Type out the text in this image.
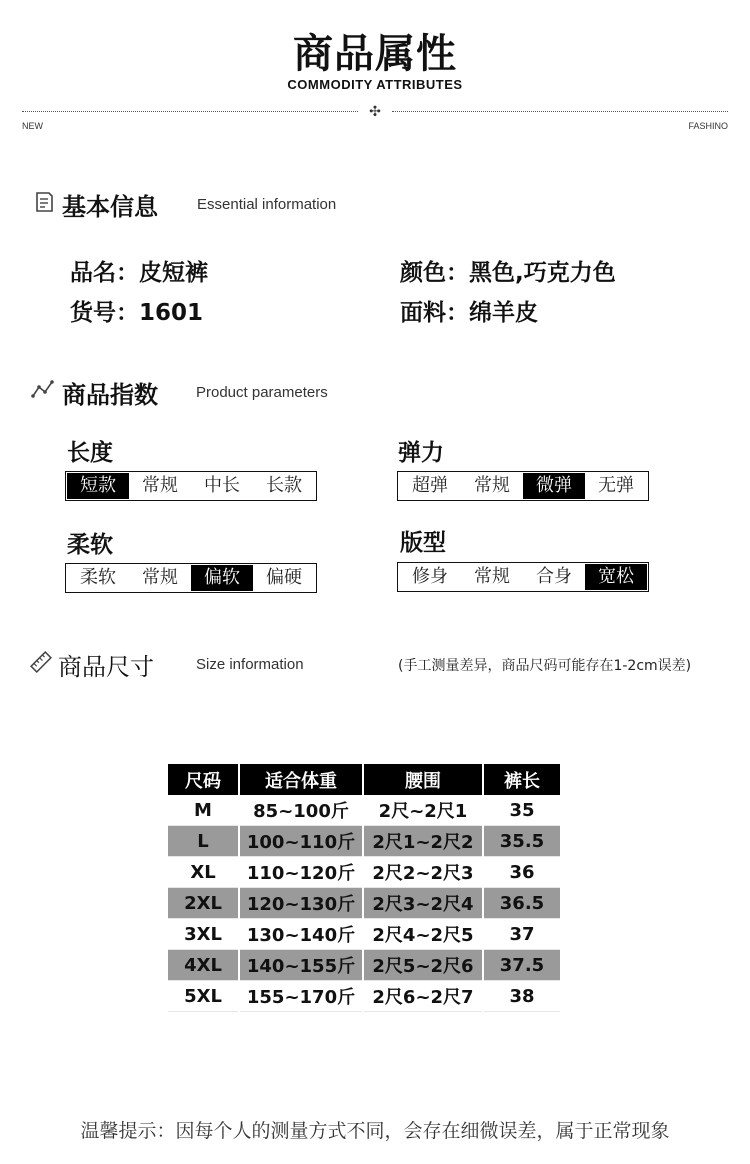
商品属性
COMMODITY ATTRIBUTES
✣
NEW	FASHINO
基本信息	Essential information
品名：皮短裤	颜色：黑色,巧克力色
货号：1601	面料：绵羊皮
商品指数	Product parameters
长度
短款	常规	中长	长款
弹力
超弹	常规	微弹	无弹
柔软
柔软	常规	偏软	偏硬
版型
修身	常规	合身	宽松
商品尺寸	Size information	(手工测量差异，商品尺码可能存在1-2cm误差)
尺码	适合体重	腰围	裤长
M	85~100斤	2尺~2尺1	35
L	100~110斤	2尺1~2尺2	35.5
XL	110~120斤	2尺2~2尺3	36
2XL	120~130斤	2尺3~2尺4	36.5
3XL	130~140斤	2尺4~2尺5	37
4XL	140~155斤	2尺5~2尺6	37.5
5XL	155~170斤	2尺6~2尺7	38
温馨提示：因每个人的测量方式不同，会存在细微误差，属于正常现象
